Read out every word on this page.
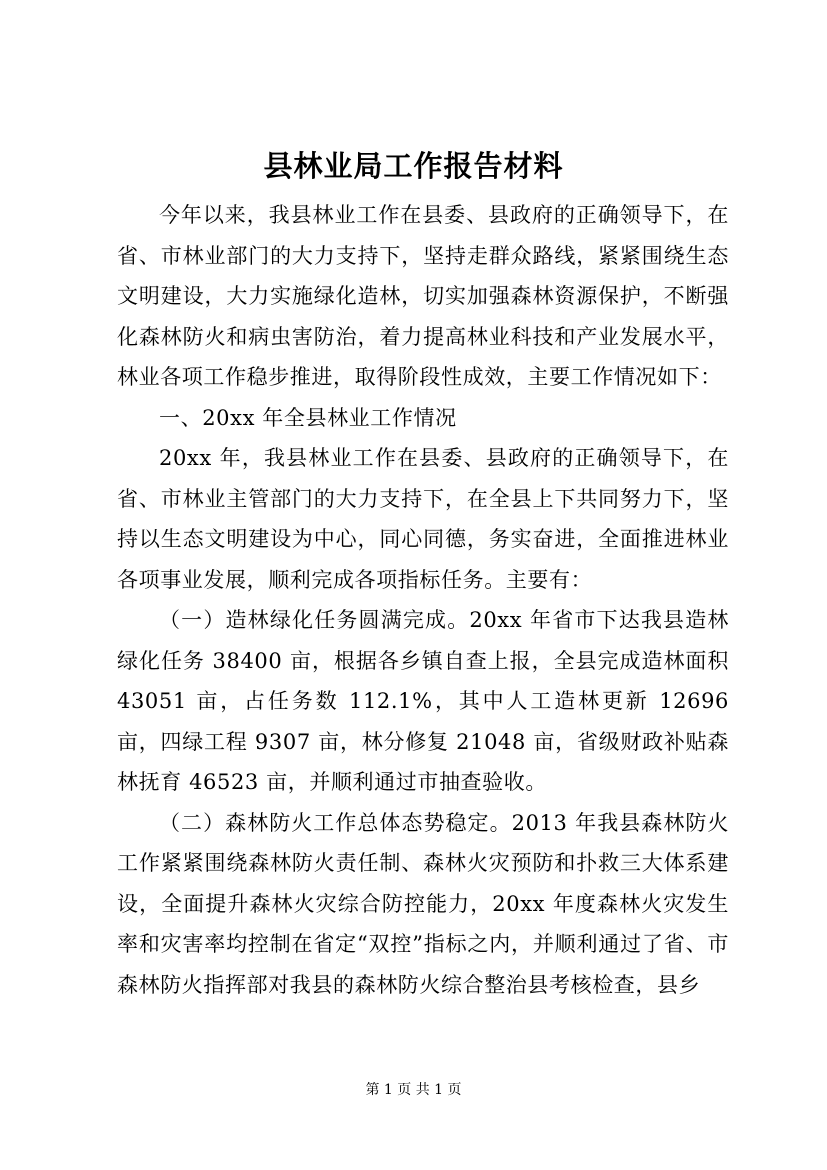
县林业局工作报告材料

今年以来，我县林业工作在县委、县政府的正确领导下，在省、市林业部门的大力支持下，坚持走群众路线，紧紧围绕生态文明建设，大力实施绿化造林，切实加强森林资源保护，不断强化森林防火和病虫害防治，着力提高林业科技和产业发展水平，林业各项工作稳步推进，取得阶段性成效，主要工作情况如下：

一、20xx 年全县林业工作情况

20xx 年，我县林业工作在县委、县政府的正确领导下，在省、市林业主管部门的大力支持下，在全县上下共同努力下，坚持以生态文明建设为中心，同心同德，务实奋进，全面推进林业各项事业发展，顺利完成各项指标任务。主要有：

（一）造林绿化任务圆满完成。20xx 年省市下达我县造林绿化任务 38400 亩，根据各乡镇自查上报，全县完成造林面积 43051 亩，占任务数 112.1%，其中人工造林更新 12696 亩，四绿工程 9307 亩，林分修复 21048 亩，省级财政补贴森林抚育 46523 亩，并顺利通过市抽查验收。

（二）森林防火工作总体态势稳定。2013 年我县森林防火工作紧紧围绕森林防火责任制、森林火灾预防和扑救三大体系建设，全面提升森林火灾综合防控能力，20xx 年度森林火灾发生率和灾害率均控制在省定“双控”指标之内，并顺利通过了省、市森林防火指挥部对我县的森林防火综合整治县考核检查，县乡

第 1 页 共 1 页
